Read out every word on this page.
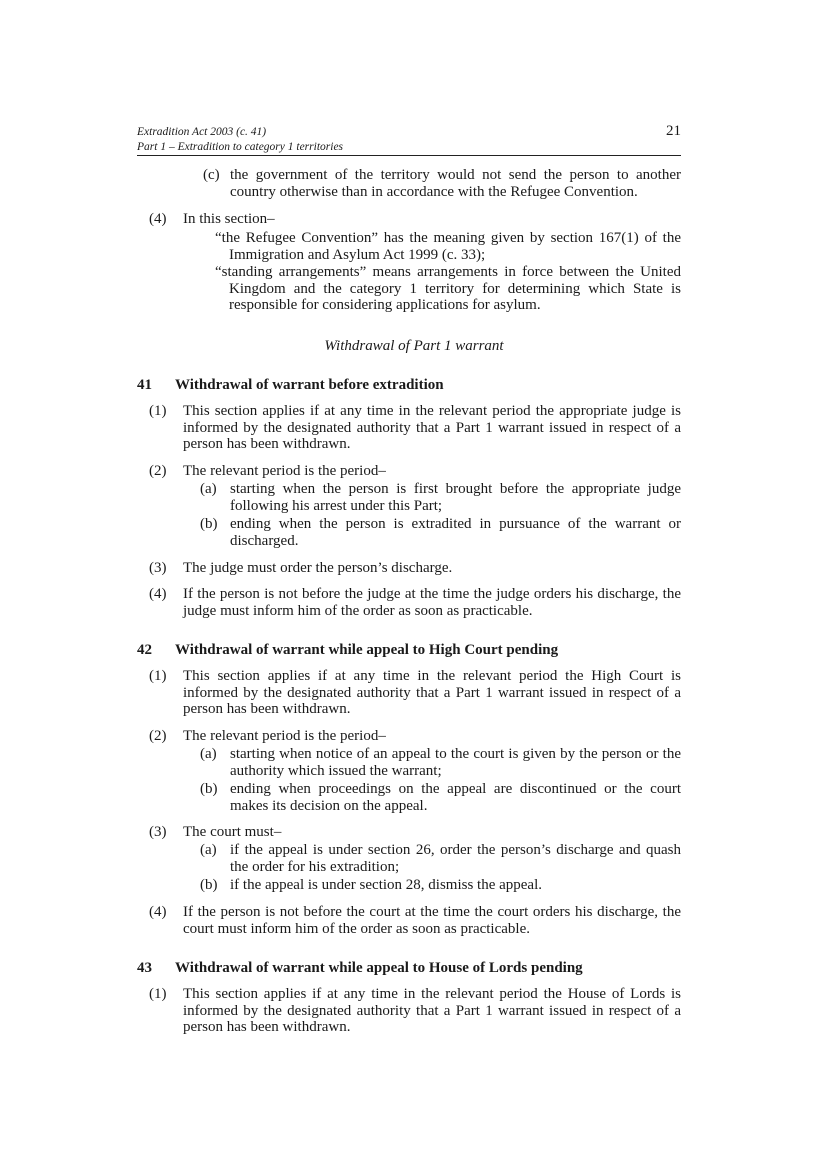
Extradition Act 2003 (c. 41)
Part 1 – Extradition to category 1 territories
21
(c) the government of the territory would not send the person to another country otherwise than in accordance with the Refugee Convention.
(4) In this section–
“the Refugee Convention” has the meaning given by section 167(1) of the Immigration and Asylum Act 1999 (c. 33);
“standing arrangements” means arrangements in force between the United Kingdom and the category 1 territory for determining which State is responsible for considering applications for asylum.
Withdrawal of Part 1 warrant
41 Withdrawal of warrant before extradition
(1) This section applies if at any time in the relevant period the appropriate judge is informed by the designated authority that a Part 1 warrant issued in respect of a person has been withdrawn.
(2) The relevant period is the period–
(a) starting when the person is first brought before the appropriate judge following his arrest under this Part;
(b) ending when the person is extradited in pursuance of the warrant or discharged.
(3) The judge must order the person’s discharge.
(4) If the person is not before the judge at the time the judge orders his discharge, the judge must inform him of the order as soon as practicable.
42 Withdrawal of warrant while appeal to High Court pending
(1) This section applies if at any time in the relevant period the High Court is informed by the designated authority that a Part 1 warrant issued in respect of a person has been withdrawn.
(2) The relevant period is the period–
(a) starting when notice of an appeal to the court is given by the person or the authority which issued the warrant;
(b) ending when proceedings on the appeal are discontinued or the court makes its decision on the appeal.
(3) The court must–
(a) if the appeal is under section 26, order the person’s discharge and quash the order for his extradition;
(b) if the appeal is under section 28, dismiss the appeal.
(4) If the person is not before the court at the time the court orders his discharge, the court must inform him of the order as soon as practicable.
43 Withdrawal of warrant while appeal to House of Lords pending
(1) This section applies if at any time in the relevant period the House of Lords is informed by the designated authority that a Part 1 warrant issued in respect of a person has been withdrawn.
